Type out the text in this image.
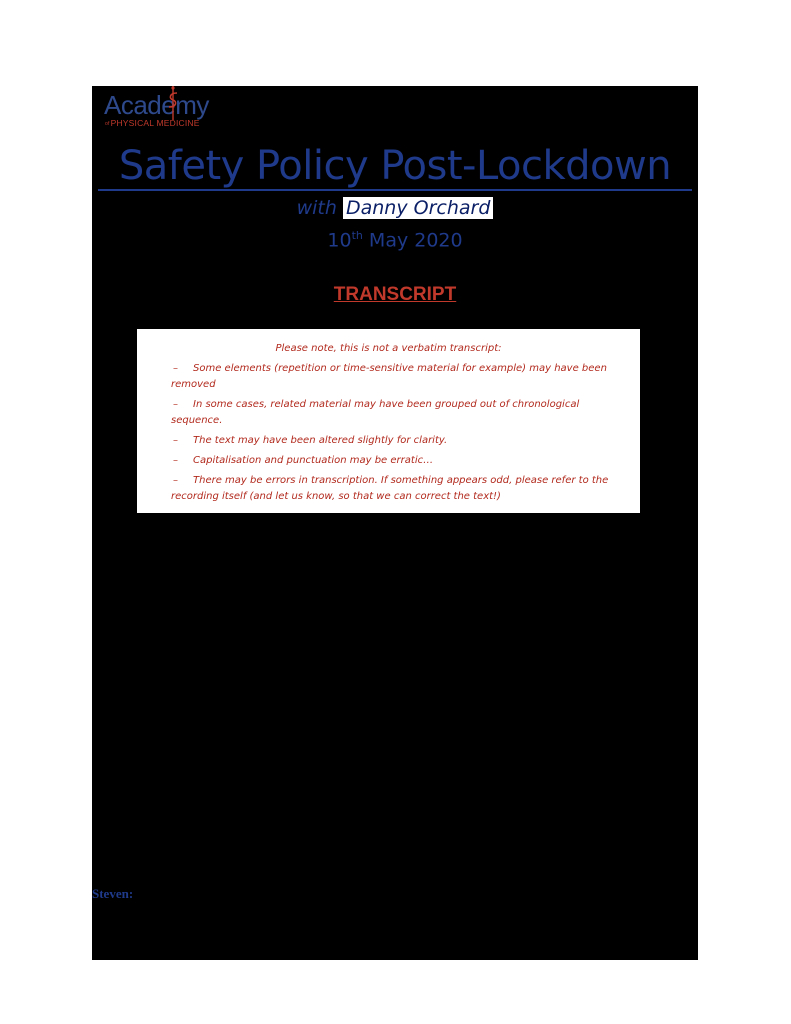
Academy
ofPHYSICAL MEDICINE
Safety Policy Post-Lockdown
with Danny Orchard
10th May 2020
TRANSCRIPT
Please note, this is not a verbatim transcript:
– Some elements (repetition or time-sensitive material for example) may have been removed
– In some cases, related material may have been grouped out of chronological sequence.
– The text may have been altered slightly for clarity.
– Capitalisation and punctuation may be erratic…
– There may be errors in transcription. If something appears odd, please refer to the recording itself (and let us know, so that we can correct the text!)
Steven:
